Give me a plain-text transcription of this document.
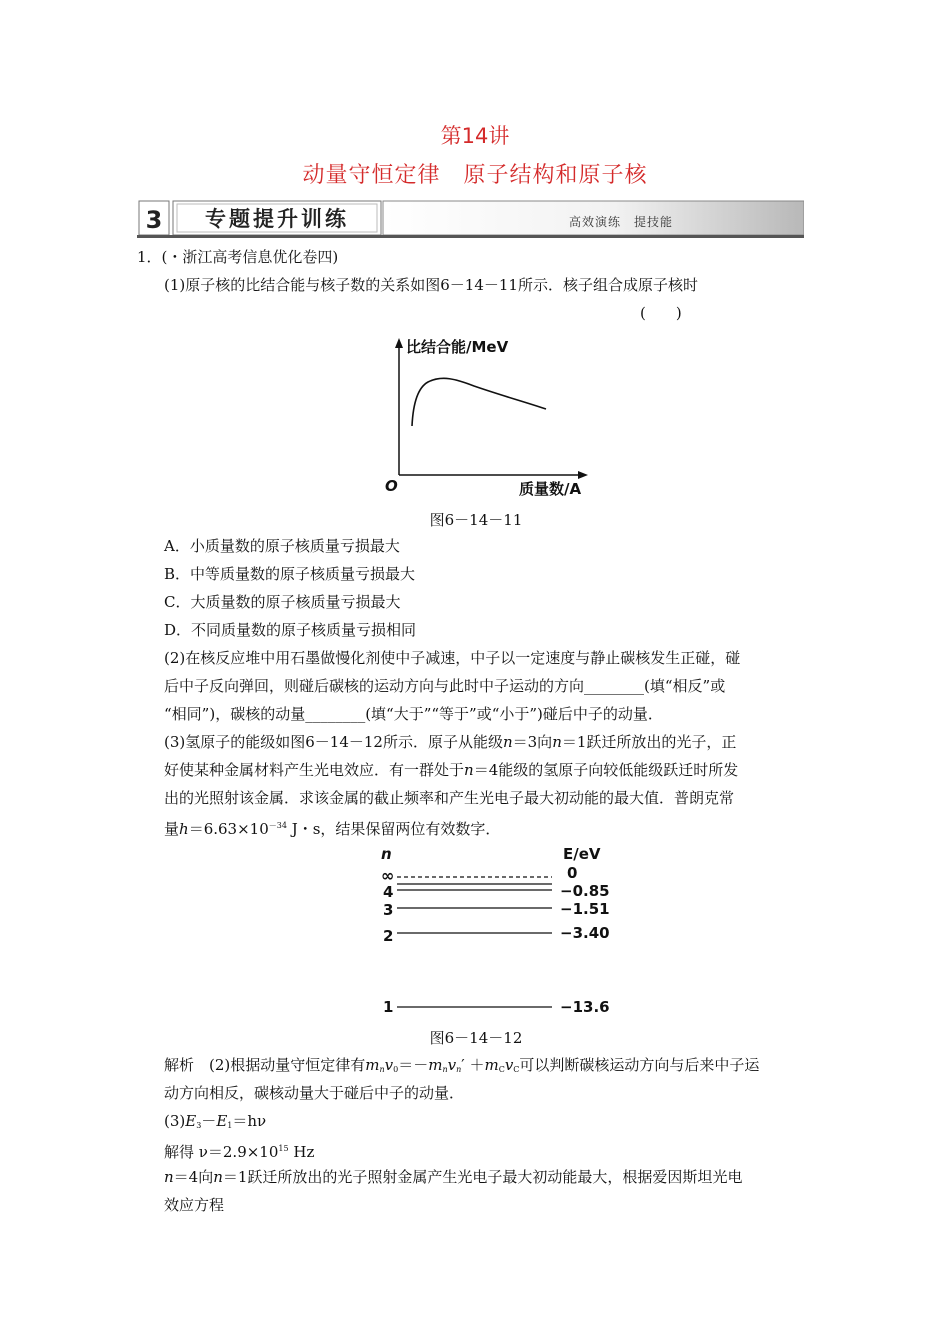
第14讲
动量守恒定律　原子结构和原子核
3 专题提升训练	高效演练　提技能
1．(・浙江高考信息优化卷四)
(1)原子核的比结合能与核子数的关系如图6－14－11所示．核子组合成原子核时
(　　)
比结合能/MeV
质量数/A
O
图6－14－11
A．小质量数的原子核质量亏损最大
B．中等质量数的原子核质量亏损最大
C．大质量数的原子核质量亏损最大
D．不同质量数的原子核质量亏损相同
(2)在核反应堆中用石墨做慢化剂使中子减速，中子以一定速度与静止碳核发生正碰，碰
后中子反向弹回，则碰后碳核的运动方向与此时中子运动的方向________(填“相反”或
“相同”)，碳核的动量________(填“大于”“等于”或“小于”)碰后中子的动量．
(3)氢原子的能级如图6－14－12所示．原子从能级n＝3向n＝1跃迁所放出的光子，正
好使某种金属材料产生光电效应．有一群处于n＝4能级的氢原子向较低能级跃迁时所发
出的光照射该金属．求该金属的截止频率和产生光电子最大初动能的最大值．普朗克常
量$h=6.63\times 10^{-34}$ J・s，结果保留两位有效数字．
n	E/eV
∞	0
4	−0.85
3	−1.51
2	−3.40
1	−13.6
图6－14－12
解析　(2)根据动量守恒定律有$m_nv_0=-m_nv_n' +m_Cv_C$可以判断碳核运动方向与后来中子运
动方向相反，碳核动量大于碰后中子的动量．
$(3)E_3-E_1=h\nu$
解得 $\nu=2.9\times 10^{15}$ Hz
n＝4向n＝1跃迁所放出的光子照射金属产生光电子最大初动能最大，根据爱因斯坦光电
效应方程
